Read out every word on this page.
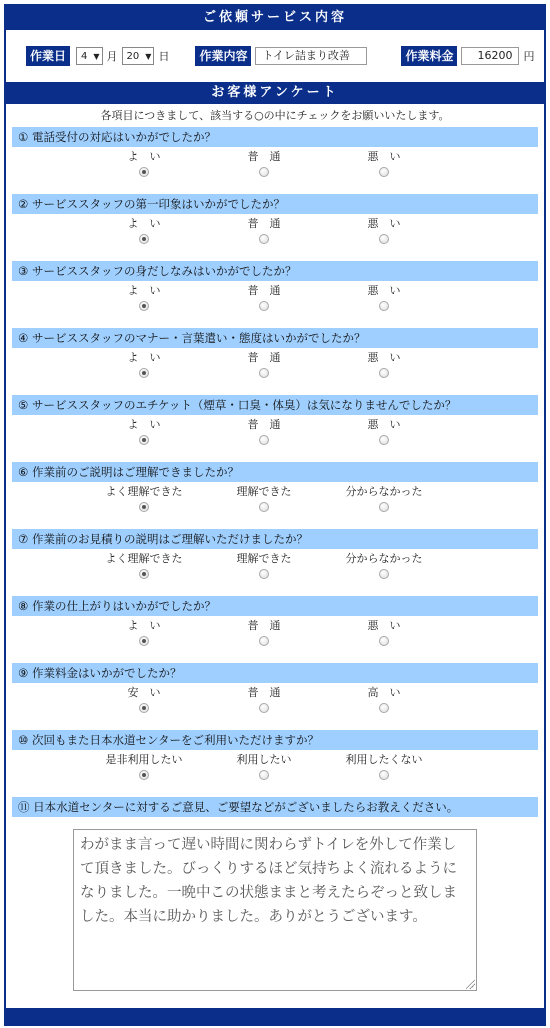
ご依頼サービス内容
作業日	4 ▼ 月 20 ▼ 日	作業内容	トイレ詰まり改善	作業料金	16200	円
お客様アンケート
各項目につきまして、該当する○の中にチェックをお願いいたします。
① 電話受付の対応はいかがでしたか？
よ　い	普　通	悪　い
② サービススタッフの第一印象はいかがでしたか？
よ　い	普　通	悪　い
③ サービススタッフの身だしなみはいかがでしたか？
よ　い	普　通	悪　い
④ サービススタッフのマナー・言葉遣い・態度はいかがでしたか？
よ　い	普　通	悪　い
⑤ サービススタッフのエチケット（煙草・口臭・体臭）は気になりませんでしたか？
よ　い	普　通	悪　い
⑥ 作業前のご説明はご理解できましたか？
よく理解できた	理解できた	分からなかった
⑦ 作業前のお見積りの説明はご理解いただけましたか？
よく理解できた	理解できた	分からなかった
⑧ 作業の仕上がりはいかがでしたか？
よ　い	普　通	悪　い
⑨ 作業料金はいかがでしたか？
安　い	普　通	高　い
⑩ 次回もまた日本水道センターをご利用いただけますか？
是非利用したい	利用したい	利用したくない
⑪ 日本水道センターに対するご意見、ご要望などがございましたらお教えください。
わがまま言って遅い時間に関わらずトイレを外して作業して頂きました。びっくりするほど気持ちよく流れるようになりました。一晩中この状態ままと考えたらぞっと致しました。本当に助かりました。ありがとうございます。
